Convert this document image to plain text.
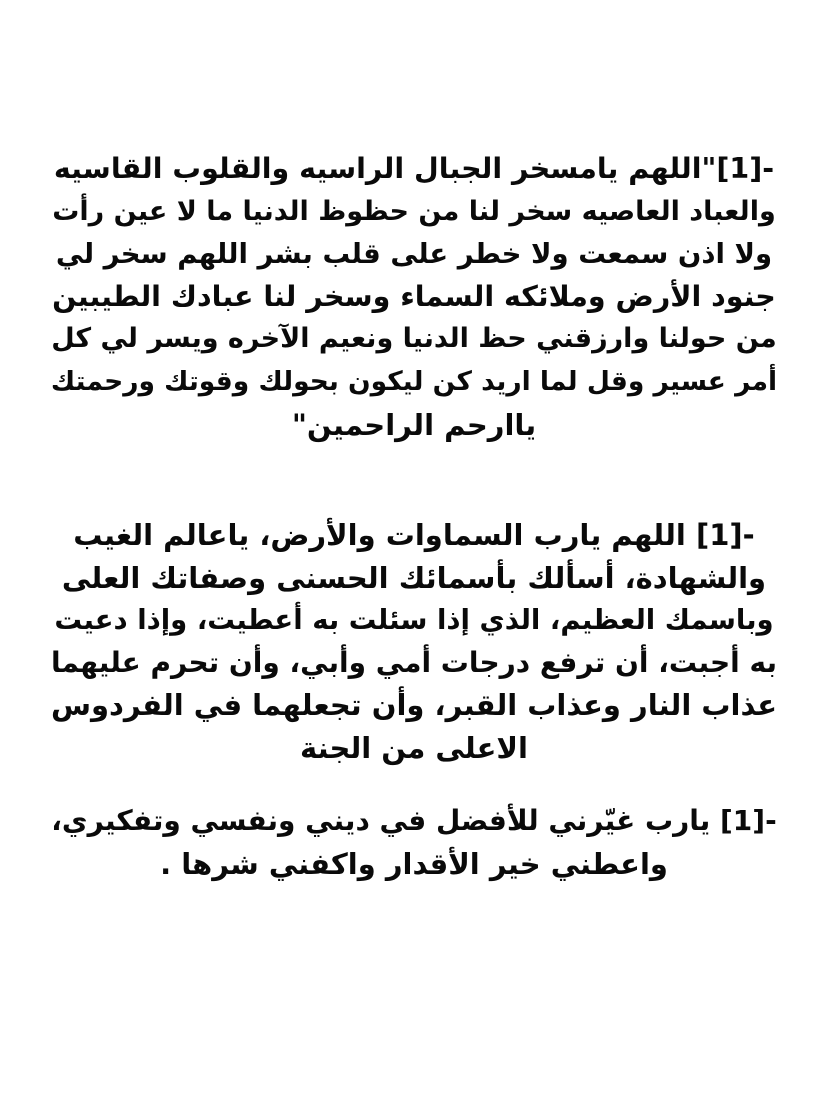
-[1]"اللهم يامسخر الجبال الراسيه والقلوب القاسيه
والعباد العاصيه سخر لنا من حظوظ الدنيا ما لا عين رأت
ولا اذن سمعت ولا خطر على قلب بشر اللهم سخر لي
جنود الأرض وملائكه السماء وسخر لنا عبادك الطيبين
من حولنا وارزقني حظ الدنيا ونعيم الآخره ويسر لي كل
أمر عسير وقل لما اريد كن ليكون بحولك وقوتك ورحمتك
ياارحم الراحمين"
-[1] اللهم يارب السماوات والأرض، ياعالم الغيب
والشهادة، أسألك بأسمائك الحسنى وصفاتك العلى
وباسمك العظيم، الذي إذا سئلت به أعطيت، وإذا دعيت
به أجبت، أن ترفع درجات أمي وأبي، وأن تحرم عليهما
عذاب النار وعذاب القبر، وأن تجعلهما في الفردوس
الاعلى من الجنة
-[1] يارب غيّرني للأفضل في ديني ونفسي وتفكيري،
واعطني خير الأقدار واكفني شرها .
